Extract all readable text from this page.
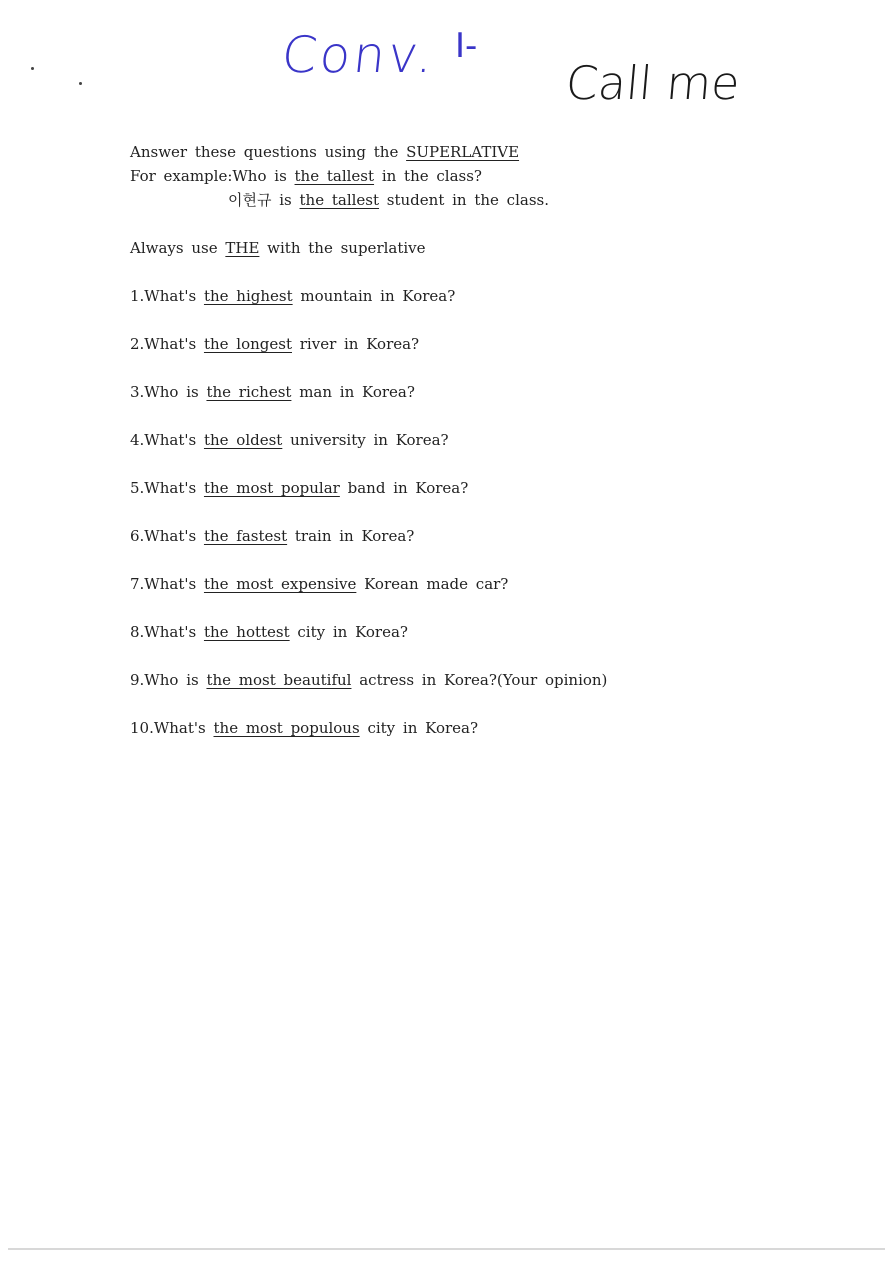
Conv. I-
Call me
Answer these questions using the SUPERLATIVE
For example:Who is the tallest in the class?
이현규 is the tallest student in the class.
Always use THE with the superlative
1.What's the highest mountain in Korea?
2.What's the longest river in Korea?
3.Who is the richest man in Korea?
4.What's the oldest university in Korea?
5.What's the most popular band in Korea?
6.What's the fastest train in Korea?
7.What's the most expensive Korean made car?
8.What's the hottest city in Korea?
9.Who is the most beautiful actress in Korea?(Your opinion)
10.What's the most populous city in Korea?
